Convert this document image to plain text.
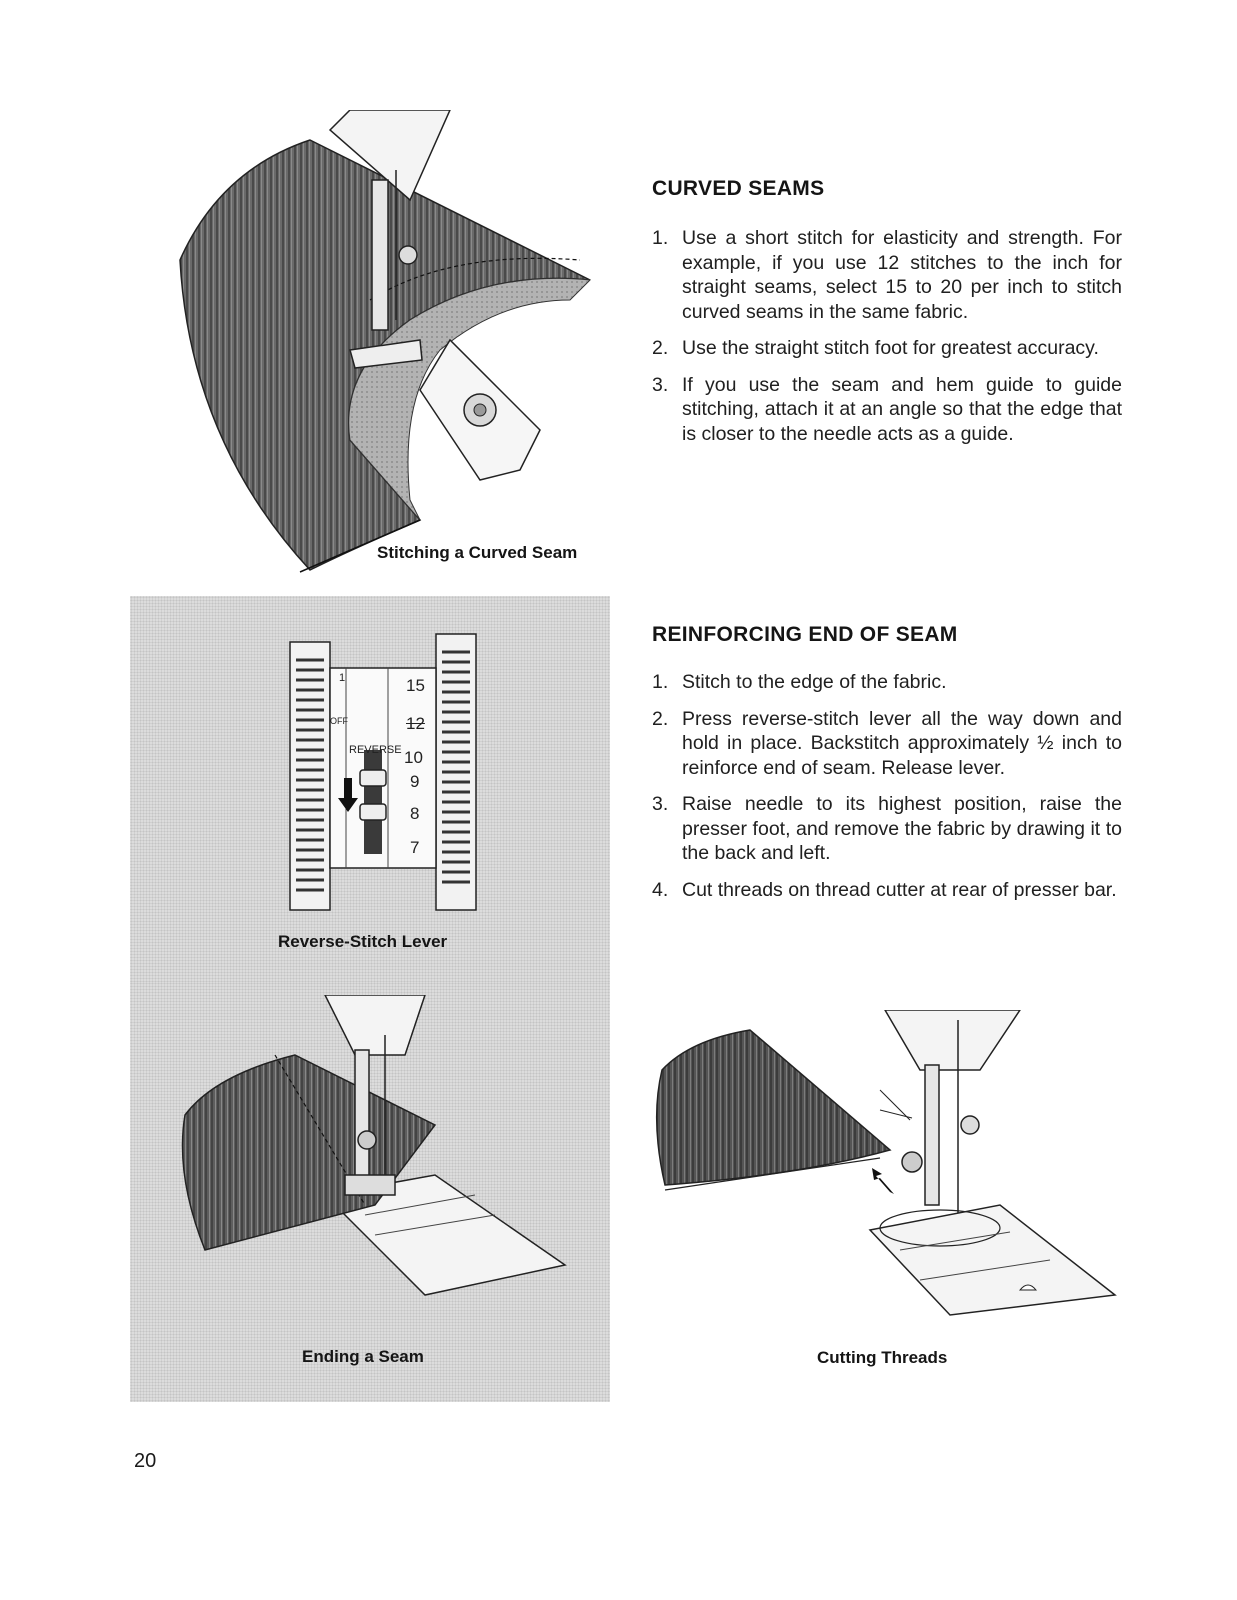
Stitching a Curved Seam
CURVED SEAMS
1. Use a short stitch for elasticity and strength. For example, if you use 12 stitches to the inch for straight seams, select 15 to 20 per inch to stitch curved seams in the same fabric.
2. Use the straight stitch foot for greatest accuracy.
3. If you use the seam and hem guide to guide stitching, attach it at an angle so that the edge that is closer to the needle acts as a guide.
15
12
10
9
8
7
1
OFF
REVERSE
Reverse-Stitch Lever
Ending a Seam
REINFORCING END OF SEAM
1. Stitch to the edge of the fabric.
2. Press reverse-stitch lever all the way down and hold in place. Backstitch approximately ½ inch to reinforce end of seam. Release lever.
3. Raise needle to its highest position, raise the presser foot, and remove the fabric by drawing it to the back and left.
4. Cut threads on thread cutter at rear of presser bar.
Cutting Threads
20
